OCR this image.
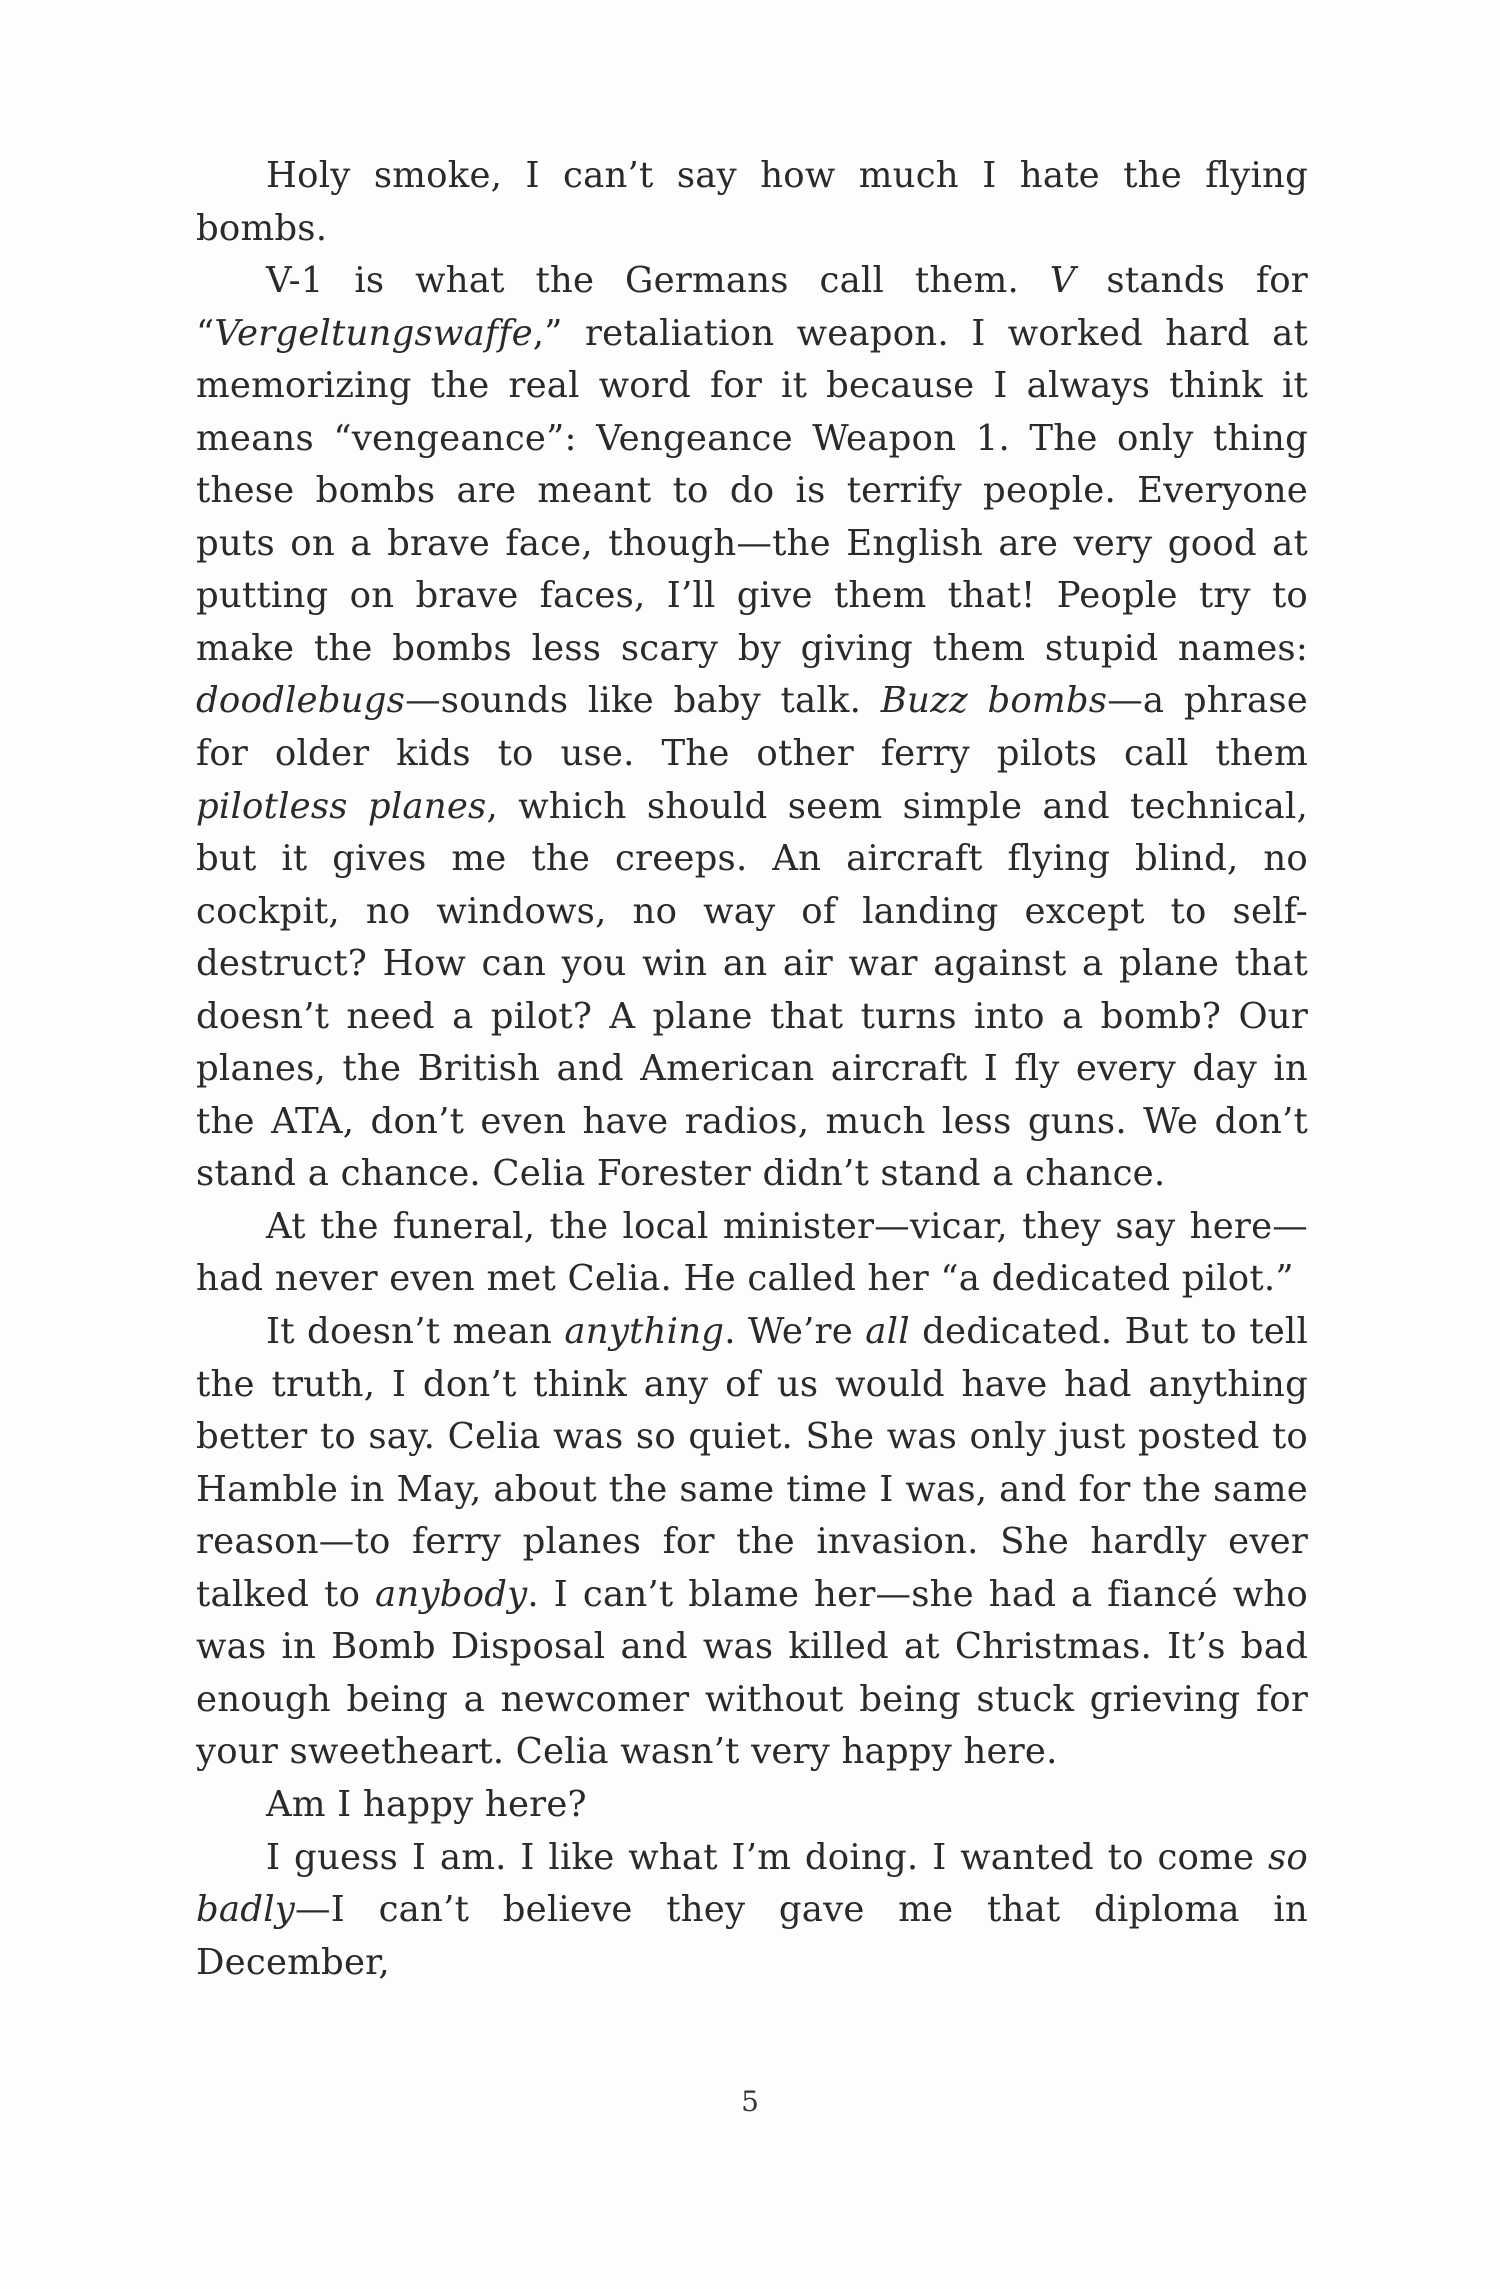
Holy smoke, I can’t say how much I hate the flying bombs.

V-1 is what the Germans call them. V stands for “Vergeltungswaffe,” retaliation weapon. I worked hard at memorizing the real word for it because I always think it means “vengeance”: Vengeance Weapon 1. The only thing these bombs are meant to do is terrify people. Everyone puts on a brave face, though—the English are very good at putting on brave faces, I’ll give them that! People try to make the bombs less scary by giving them stupid names: doodlebugs—sounds like baby talk. Buzz bombs—a phrase for older kids to use. The other ferry pilots call them pilotless planes, which should seem simple and technical, but it gives me the creeps. An aircraft flying blind, no cockpit, no windows, no way of landing except to self-destruct? How can you win an air war against a plane that doesn’t need a pilot? A plane that turns into a bomb? Our planes, the British and American aircraft I fly every day in the ATA, don’t even have radios, much less guns. We don’t stand a chance. Celia Forester didn’t stand a chance.

At the funeral, the local minister—vicar, they say here—had never even met Celia. He called her “a dedicated pilot.”

It doesn’t mean anything. We’re all dedicated. But to tell the truth, I don’t think any of us would have had anything better to say. Celia was so quiet. She was only just posted to Hamble in May, about the same time I was, and for the same reason—to ferry planes for the invasion. She hardly ever talked to anybody. I can’t blame her—she had a fiancé who was in Bomb Disposal and was killed at Christmas. It’s bad enough being a newcomer without being stuck grieving for your sweetheart. Celia wasn’t very happy here.

Am I happy here?

I guess I am. I like what I’m doing. I wanted to come so badly—I can’t believe they gave me that diploma in December,

5
